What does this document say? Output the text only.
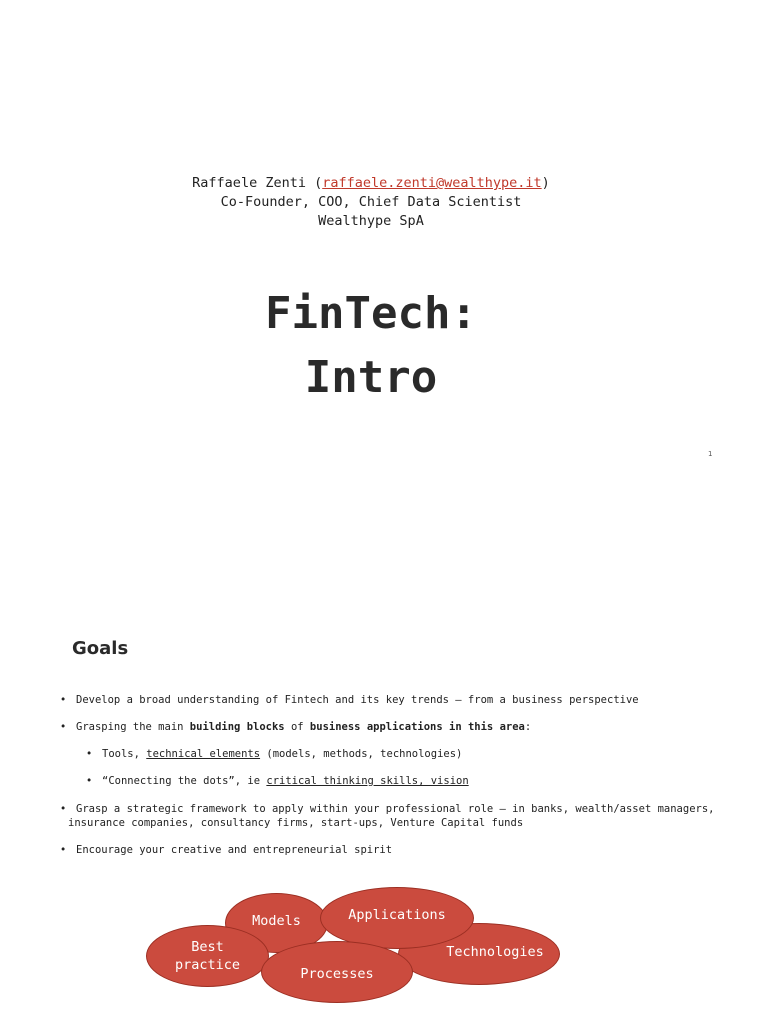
Raffaele Zenti (raffaele.zenti@wealthype.it)
Co-Founder, COO, Chief Data Scientist
Wealthype SpA
FinTech:
Intro
1
Goals
• Develop a broad understanding of Fintech and its key trends – from a business perspective
• Grasping the main building blocks of business applications in this area:
• Tools, technical elements (models, methods, technologies)
• “Connecting the dots”, ie critical thinking skills, vision
• Grasp a strategic framework to apply within your professional role – in banks, wealth/asset managers,
insurance companies, consultancy firms, start-ups, Venture Capital funds
• Encourage your creative and entrepreneurial spirit
Technologies
Models	Applications
Best
practice
Processes
